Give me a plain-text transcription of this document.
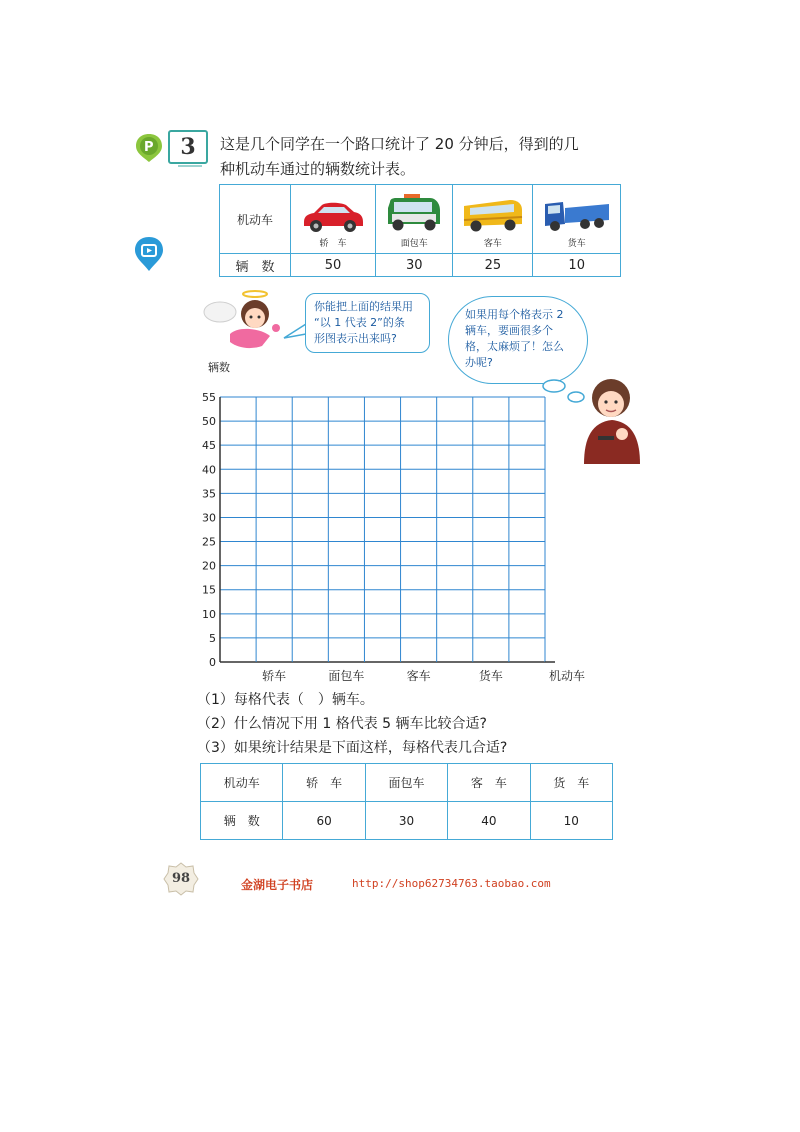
P 3 这是几个同学在一个路口统计了 20 分钟后，得到的几
种机动车通过的辆数统计表。
机动车	轿　车	面包车	客车	货车

辆　数	50	30	25	10
你能把上面的结果用
“以 1 代表 2”的条
形图表示出来吗?
如果用每个格表示 2
辆车，要画很多个
格，太麻烦了！怎么
办呢?
辆数
0
5
10
15
20
25
30
35
40
45
50
55
轿车	面包车	客车	货车	机动车
（1）每格代表（　）辆车。
（2）什么情况下用 1 格代表 5 辆车比较合适?
（3）如果统计结果是下面这样，每格代表几合适?
机动车	轿　车	面包车	客　车	货　车
辆　数	60	30	40	10
98	金湖电子书店	http://shop62734763.taobao.com
